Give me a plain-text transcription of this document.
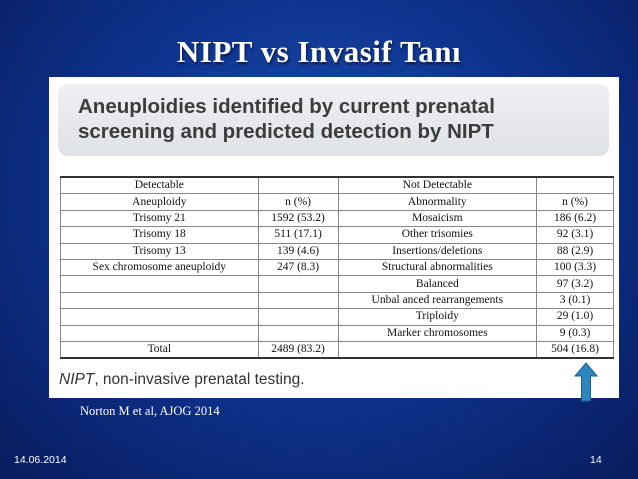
NIPT vs Invasif Tanı
Aneuploidies identified by current prenatal
screening and predicted detection by NIPT
Detectable		Not Detectable	
Aneuploidy	n (%)	Abnormality	n (%)
Trisomy 21	1592 (53.2)	Mosaicism	186 (6.2)
Trisomy 18	511 (17.1)	Other trisomies	92 (3.1)
Trisomy 13	139 (4.6)	Insertions/deletions	88 (2.9)
Sex chromosome aneuploidy	247 (8.3)	Structural abnormalities	100 (3.3)
		Balanced	97 (3.2)
		Unbal anced rearrangements	3 (0.1)
		Triploidy	29 (1.0)
		Marker chromosomes	9 (0.3)
Total	2489 (83.2)		504 (16.8)
NIPT, non-invasive prenatal testing.
Norton M et al, AJOG 2014
14.06.2014	14
